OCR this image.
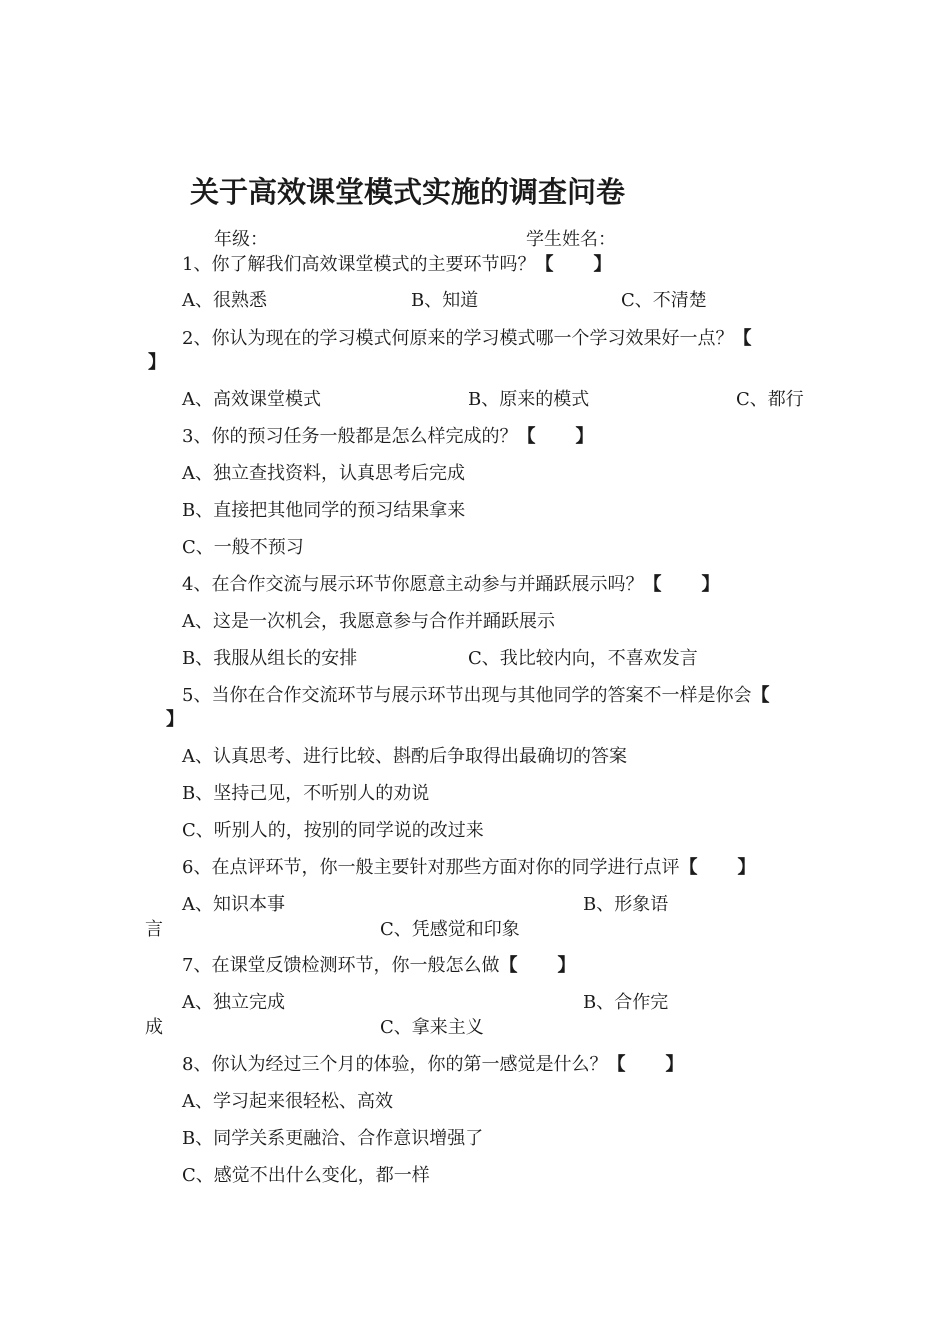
关于高效课堂模式实施的调查问卷
年级：	学生姓名：
1、你了解我们高效课堂模式的主要环节吗？【 】
A、很熟悉	B、知道	C、不清楚
2、你认为现在的学习模式何原来的学习模式哪一个学习效果好一点？【
】
A、高效课堂模式	B、原来的模式	C、都行
3、你的预习任务一般都是怎么样完成的？【 】
A、独立查找资料，认真思考后完成
B、直接把其他同学的预习结果拿来
C、一般不预习
4、在合作交流与展示环节你愿意主动参与并踊跃展示吗？【 】
A、这是一次机会，我愿意参与合作并踊跃展示
B、我服从组长的安排	C、我比较内向，不喜欢发言
5、当你在合作交流环节与展示环节出现与其他同学的答案不一样是你会【
】
A、认真思考、进行比较、斟酌后争取得出最确切的答案
B、坚持己见，不听别人的劝说
C、听别人的，按别的同学说的改过来
6、在点评环节，你一般主要针对那些方面对你的同学进行点评【 】
A、知识本事	B、形象语
言	C、凭感觉和印象
7、在课堂反馈检测环节，你一般怎么做【 】
A、独立完成	B、合作完
成	C、拿来主义
8、你认为经过三个月的体验，你的第一感觉是什么？【 】
A、学习起来很轻松、高效
B、同学关系更融洽、合作意识增强了
C、感觉不出什么变化，都一样
